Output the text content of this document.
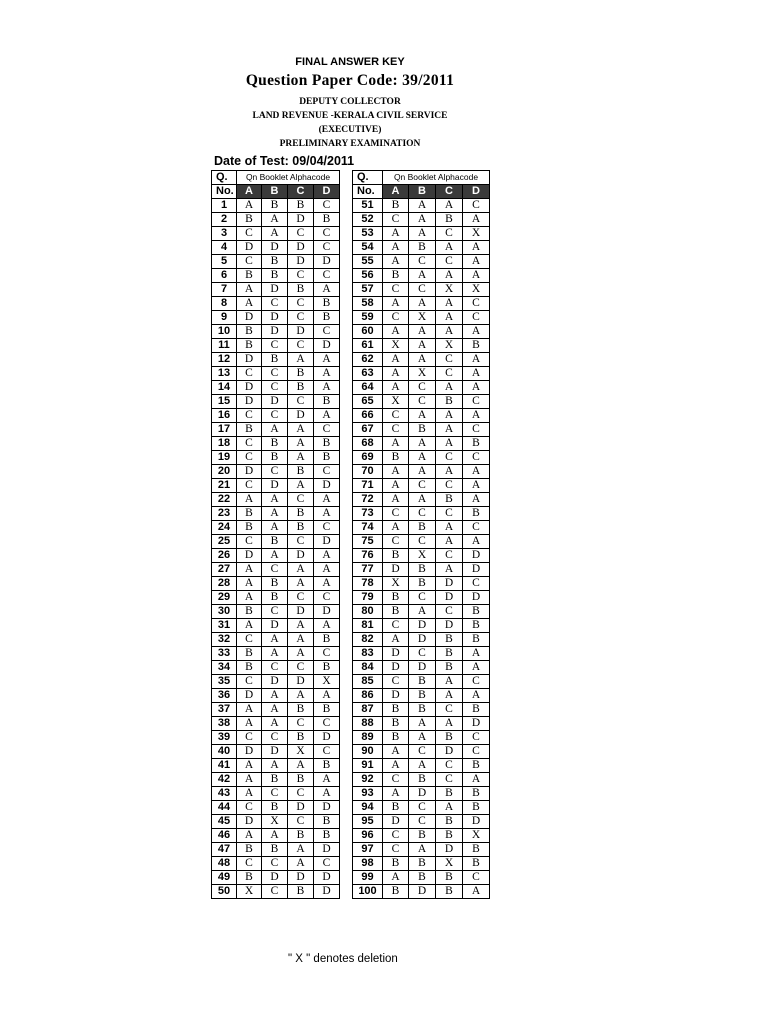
FINAL ANSWER KEY
Question Paper Code: 39/2011
DEPUTY COLLECTOR
LAND REVENUE -KERALA CIVIL SERVICE
(EXECUTIVE)
PRELIMINARY EXAMINATION
Date of Test: 09/04/2011
Q.	Qn Booklet Alphacode			
No.	A	B	C	D
1	A	B	B	C
2	B	A	D	B
3	C	A	C	C
4	D	D	D	C
5	C	B	D	D
6	B	B	C	C
7	A	D	B	A
8	A	C	C	B
9	D	D	C	B
10	B	D	D	C
11	B	C	C	D
12	D	B	A	A
13	C	C	B	A
14	D	C	B	A
15	D	D	C	B
16	C	C	D	A
17	B	A	A	C
18	C	B	A	B
19	C	B	A	B
20	D	C	B	C
21	C	D	A	D
22	A	A	C	A
23	B	A	B	A
24	B	A	B	C
25	C	B	C	D
26	D	A	D	A
27	A	C	A	A
28	A	B	A	A
29	A	B	C	C
30	B	C	D	D
31	A	D	A	A
32	C	A	A	B
33	B	A	A	C
34	B	C	C	B
35	C	D	D	X
36	D	A	A	A
37	A	A	B	B
38	A	A	C	C
39	C	C	B	D
40	D	D	X	C
41	A	A	A	B
42	A	B	B	A
43	A	C	C	A
44	C	B	D	D
45	D	X	C	B
46	A	A	B	B
47	B	B	A	D
48	C	C	A	C
49	B	D	D	D
50	X	C	B	D
Q.	Qn Booklet Alphacode			
No.	A	B	C	D
51	B	A	A	C
52	C	A	B	A
53	A	A	C	X
54	A	B	A	A
55	A	C	C	A
56	B	A	A	A
57	C	C	X	X
58	A	A	A	C
59	C	X	A	C
60	A	A	A	A
61	X	A	X	B
62	A	A	C	A
63	A	X	C	A
64	A	C	A	A
65	X	C	B	C
66	C	A	A	A
67	C	B	A	C
68	A	A	A	B
69	B	A	C	C
70	A	A	A	A
71	A	C	C	A
72	A	A	B	A
73	C	C	C	B
74	A	B	A	C
75	C	C	A	A
76	B	X	C	D
77	D	B	A	D
78	X	B	D	C
79	B	C	D	D
80	B	A	C	B
81	C	D	D	B
82	A	D	B	B
83	D	C	B	A
84	D	D	B	A
85	C	B	A	C
86	D	B	A	A
87	B	B	C	B
88	B	A	A	D
89	B	A	B	C
90	A	C	D	C
91	A	A	C	B
92	C	B	C	A
93	A	D	B	B
94	B	C	A	B
95	D	C	B	D
96	C	B	B	X
97	C	A	D	B
98	B	B	X	B
99	A	B	B	C
100	B	D	B	A
" X " denotes deletion
